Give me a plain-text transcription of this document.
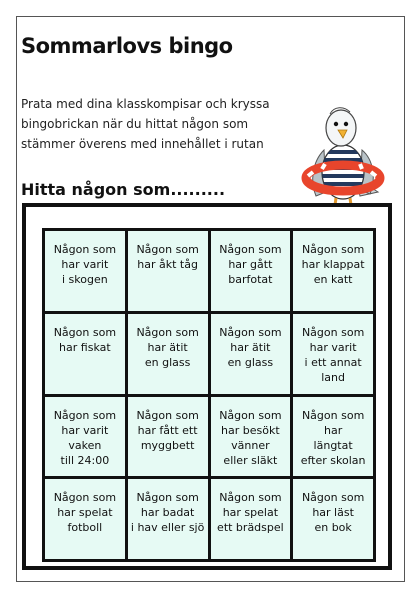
Sommarlovs bingo

Prata med dina klasskompisar och kryssa bingobrickan när du hittat någon som stämmer överens med innehållet i rutan

Hitta någon som.........
Någon som
har varit
i skogen
Någon som
har åkt tåg
Någon som
har gått
barfotat
Någon som
har klappat
en katt
Någon som
har fiskat
Någon som
har ätit
en glass
Någon som
har ätit
en glass
Någon som
har varit
i ett annat
land
Någon som
har varit
vaken
till 24:00
Någon som
har fått ett
myggbett
Någon som
har besökt
vänner
eller släkt
Någon som
har
längtat
efter skolan
Någon som
har spelat
fotboll
Någon som
har badat
i hav eller sjö
Någon som
har spelat
ett brädspel
Någon som
har läst
en bok
